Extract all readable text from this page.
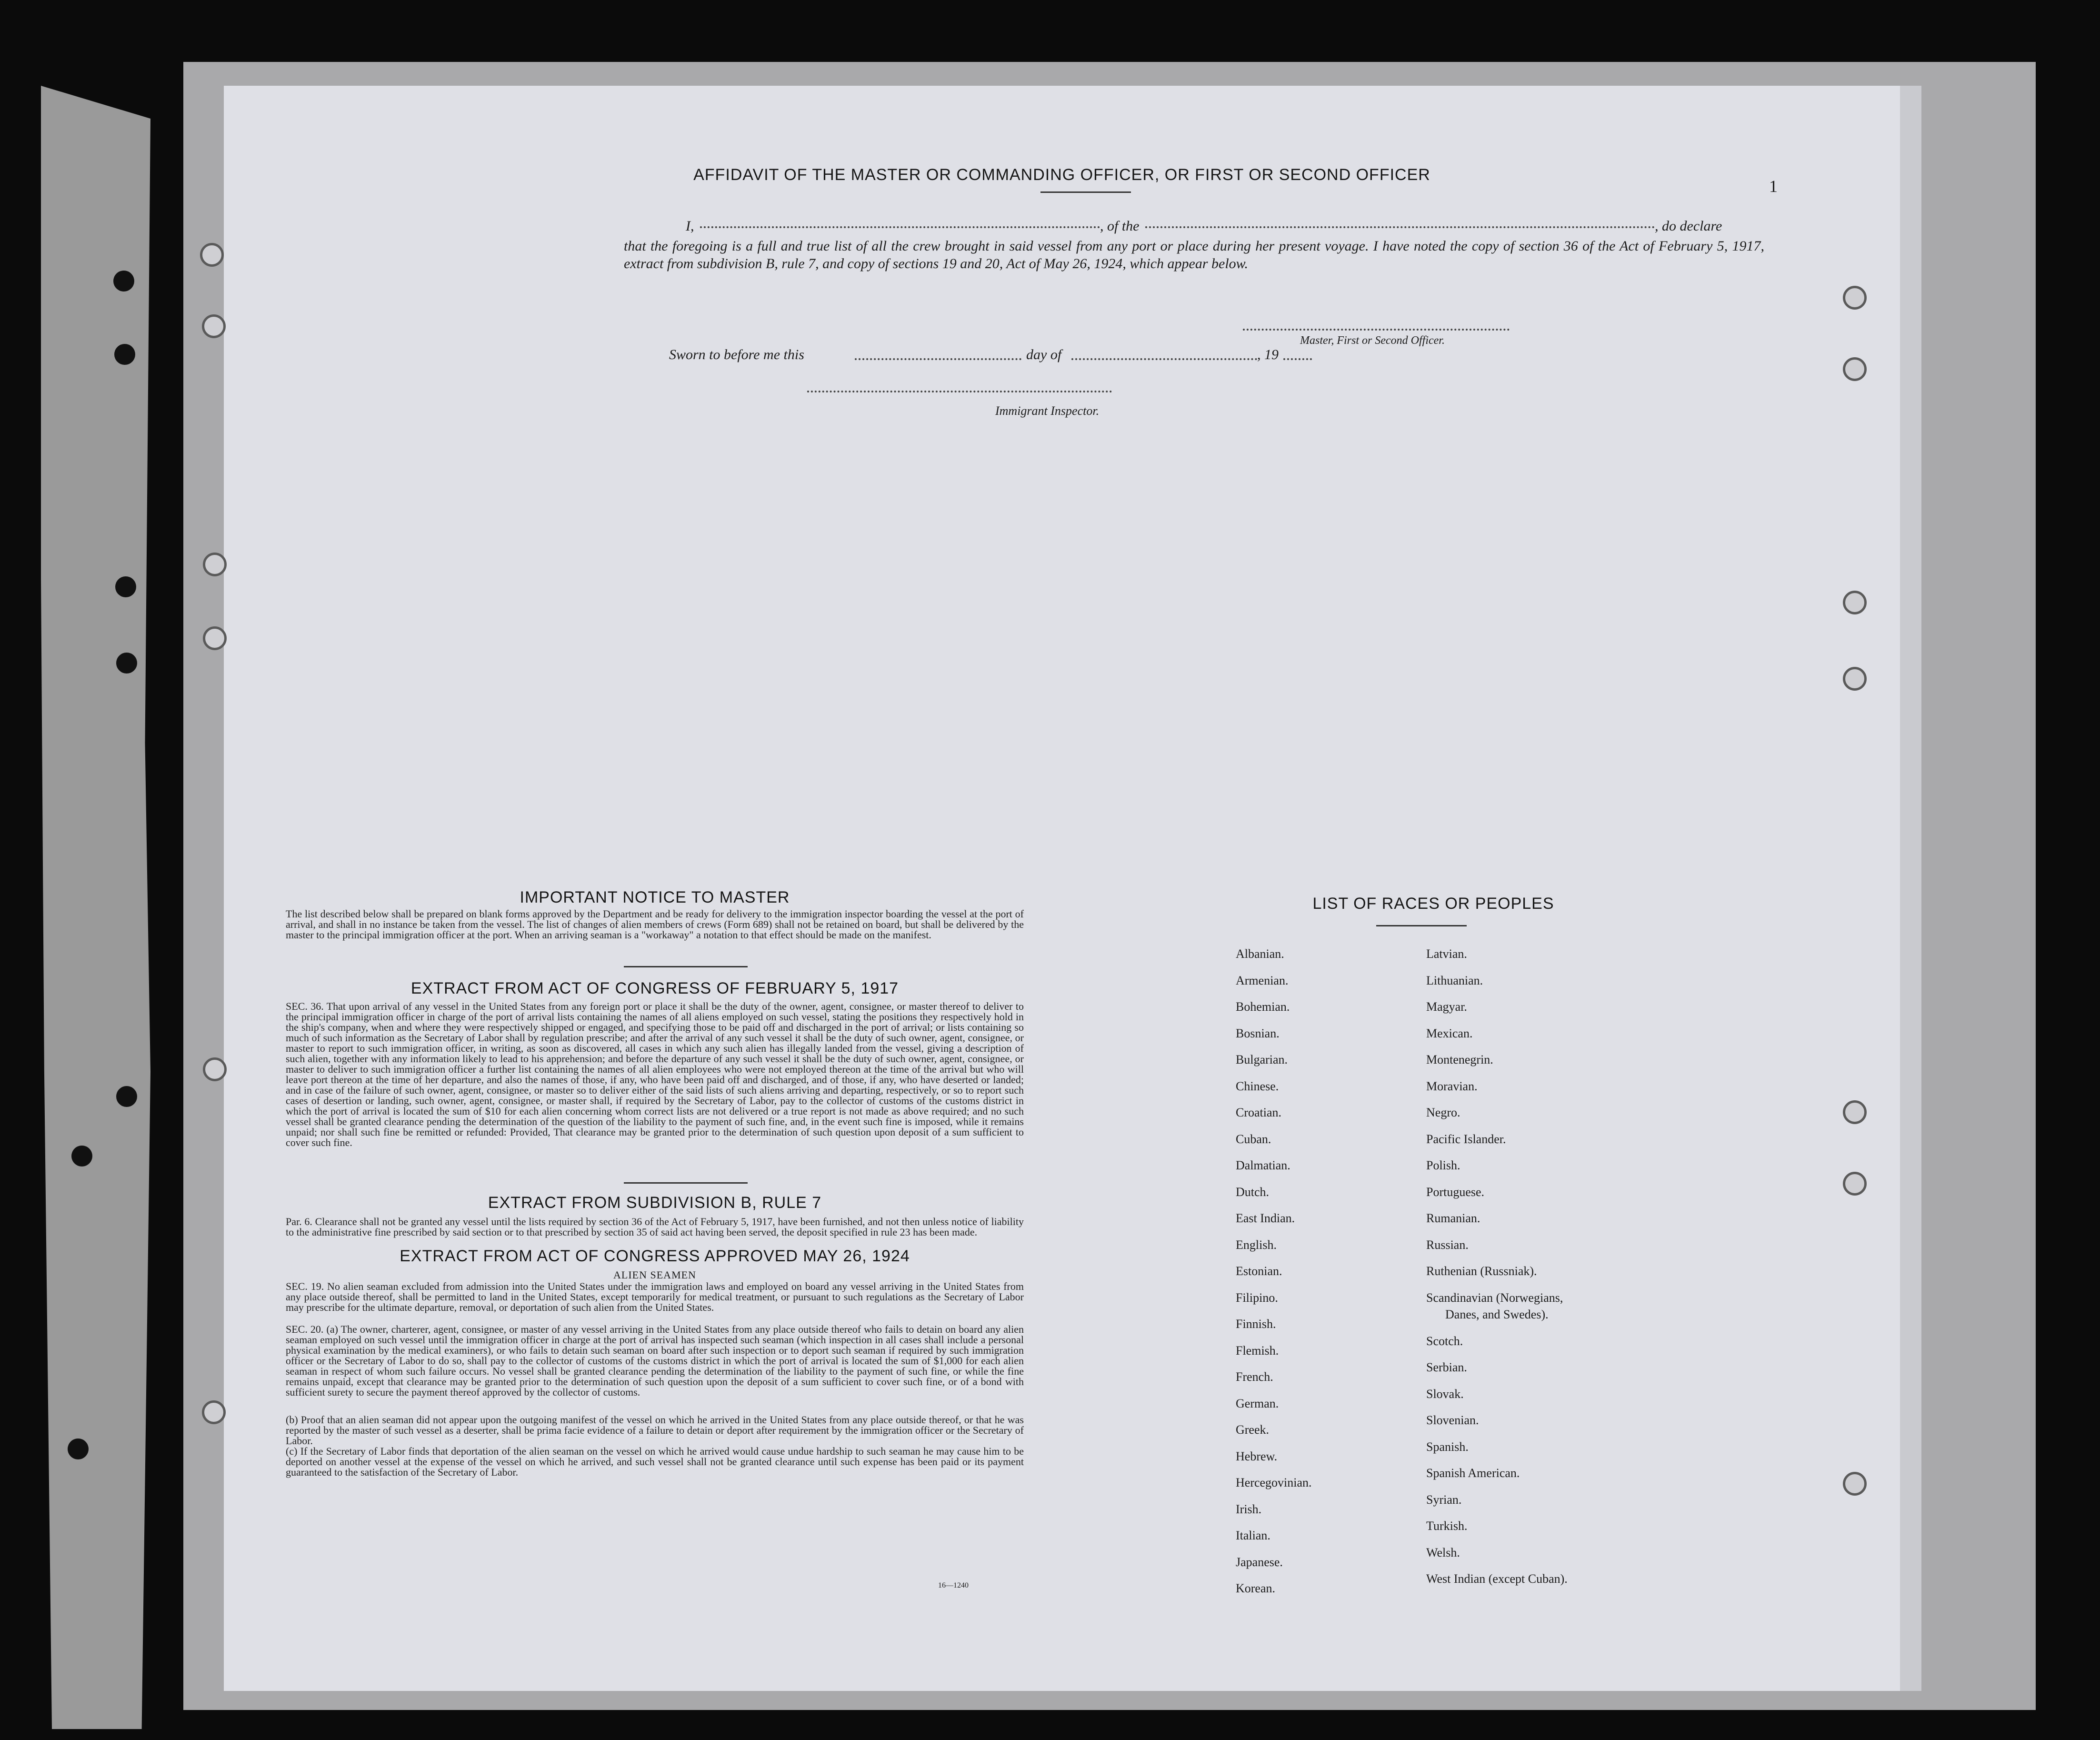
1
AFFIDAVIT OF THE MASTER OR COMMANDING OFFICER, OR FIRST OR SECOND OFFICER
I,	, of the	, do declare
that the foregoing is a full and true list of all the crew brought in said vessel from any port or place during her present voyage. I have noted the copy of section 36 of the Act of February 5, 1917, extract from subdivision B, rule 7, and copy of sections 19 and 20, Act of May 26, 1924, which appear below.
Master, First or Second Officer.
Sworn to before me this	day of	, 19
Immigrant Inspector.
IMPORTANT NOTICE TO MASTER
The list described below shall be prepared on blank forms approved by the Department and be ready for delivery to the immigration inspector boarding the vessel at the port of arrival, and shall in no instance be taken from the vessel. The list of changes of alien members of crews (Form 689) shall not be retained on board, but shall be delivered by the master to the principal immigration officer at the port. When an arriving seaman is a "workaway" a notation to that effect should be made on the manifest.
EXTRACT FROM ACT OF CONGRESS OF FEBRUARY 5, 1917
SEC. 36. That upon arrival of any vessel in the United States from any foreign port or place it shall be the duty of the owner, agent, consignee, or master thereof to deliver to the principal immigration officer in charge of the port of arrival lists containing the names of all aliens employed on such vessel, stating the positions they respectively hold in the ship's company, when and where they were respectively shipped or engaged, and specifying those to be paid off and discharged in the port of arrival; or lists containing so much of such information as the Secretary of Labor shall by regulation prescribe; and after the arrival of any such vessel it shall be the duty of such owner, agent, consignee, or master to report to such immigration officer, in writing, as soon as discovered, all cases in which any such alien has illegally landed from the vessel, giving a description of such alien, together with any information likely to lead to his apprehension; and before the departure of any such vessel it shall be the duty of such owner, agent, consignee, or master to deliver to such immigration officer a further list containing the names of all alien employees who were not employed thereon at the time of the arrival but who will leave port thereon at the time of her departure, and also the names of those, if any, who have been paid off and discharged, and of those, if any, who have deserted or landed; and in case of the failure of such owner, agent, consignee, or master so to deliver either of the said lists of such aliens arriving and departing, respectively, or so to report such cases of desertion or landing, such owner, agent, consignee, or master shall, if required by the Secretary of Labor, pay to the collector of customs of the customs district in which the port of arrival is located the sum of $10 for each alien concerning whom correct lists are not delivered or a true report is not made as above required; and no such vessel shall be granted clearance pending the determination of the question of the liability to the payment of such fine, and, in the event such fine is imposed, while it remains unpaid; nor shall such fine be remitted or refunded: Provided, That clearance may be granted prior to the determination of such question upon deposit of a sum sufficient to cover such fine.
EXTRACT FROM SUBDIVISION B, RULE 7
Par. 6. Clearance shall not be granted any vessel until the lists required by section 36 of the Act of February 5, 1917, have been furnished, and not then unless notice of liability to the administrative fine prescribed by said section or to that prescribed by section 35 of said act having been served, the deposit specified in rule 23 has been made.
EXTRACT FROM ACT OF CONGRESS APPROVED MAY 26, 1924
ALIEN SEAMEN
SEC. 19. No alien seaman excluded from admission into the United States under the immigration laws and employed on board any vessel arriving in the United States from any place outside thereof, shall be permitted to land in the United States, except temporarily for medical treatment, or pursuant to such regulations as the Secretary of Labor may prescribe for the ultimate departure, removal, or deportation of such alien from the United States.
SEC. 20. (a) The owner, charterer, agent, consignee, or master of any vessel arriving in the United States from any place outside thereof who fails to detain on board any alien seaman employed on such vessel until the immigration officer in charge at the port of arrival has inspected such seaman (which inspection in all cases shall include a personal physical examination by the medical examiners), or who fails to detain such seaman on board after such inspection or to deport such seaman if required by such immigration officer or the Secretary of Labor to do so, shall pay to the collector of customs of the customs district in which the port of arrival is located the sum of $1,000 for each alien seaman in respect of whom such failure occurs. No vessel shall be granted clearance pending the determination of the liability to the payment of such fine, or while the fine remains unpaid, except that clearance may be granted prior to the determination of such question upon the deposit of a sum sufficient to cover such fine, or of a bond with sufficient surety to secure the payment thereof approved by the collector of customs.
(b) Proof that an alien seaman did not appear upon the outgoing manifest of the vessel on which he arrived in the United States from any place outside thereof, or that he was reported by the master of such vessel as a deserter, shall be prima facie evidence of a failure to detain or deport after requirement by the immigration officer or the Secretary of Labor.
(c) If the Secretary of Labor finds that deportation of the alien seaman on the vessel on which he arrived would cause undue hardship to such seaman he may cause him to be deported on another vessel at the expense of the vessel on which he arrived, and such vessel shall not be granted clearance until such expense has been paid or its payment guaranteed to the satisfaction of the Secretary of Labor.
16—1240
LIST OF RACES OR PEOPLES
Albanian.
Armenian.
Bohemian.
Bosnian.
Bulgarian.
Chinese.
Croatian.
Cuban.
Dalmatian.
Dutch.
East Indian.
English.
Estonian.
Filipino.
Finnish.
Flemish.
French.
German.
Greek.
Hebrew.
Hercegovinian.
Irish.
Italian.
Japanese.
Korean.
Latvian.
Lithuanian.
Magyar.
Mexican.
Montenegrin.
Moravian.
Negro.
Pacific Islander.
Polish.
Portuguese.
Rumanian.
Russian.
Ruthenian (Russniak).
Scandinavian (Norwegians,
Danes, and Swedes).
Scotch.
Serbian.
Slovak.
Slovenian.
Spanish.
Spanish American.
Syrian.
Turkish.
Welsh.
West Indian (except Cuban).
